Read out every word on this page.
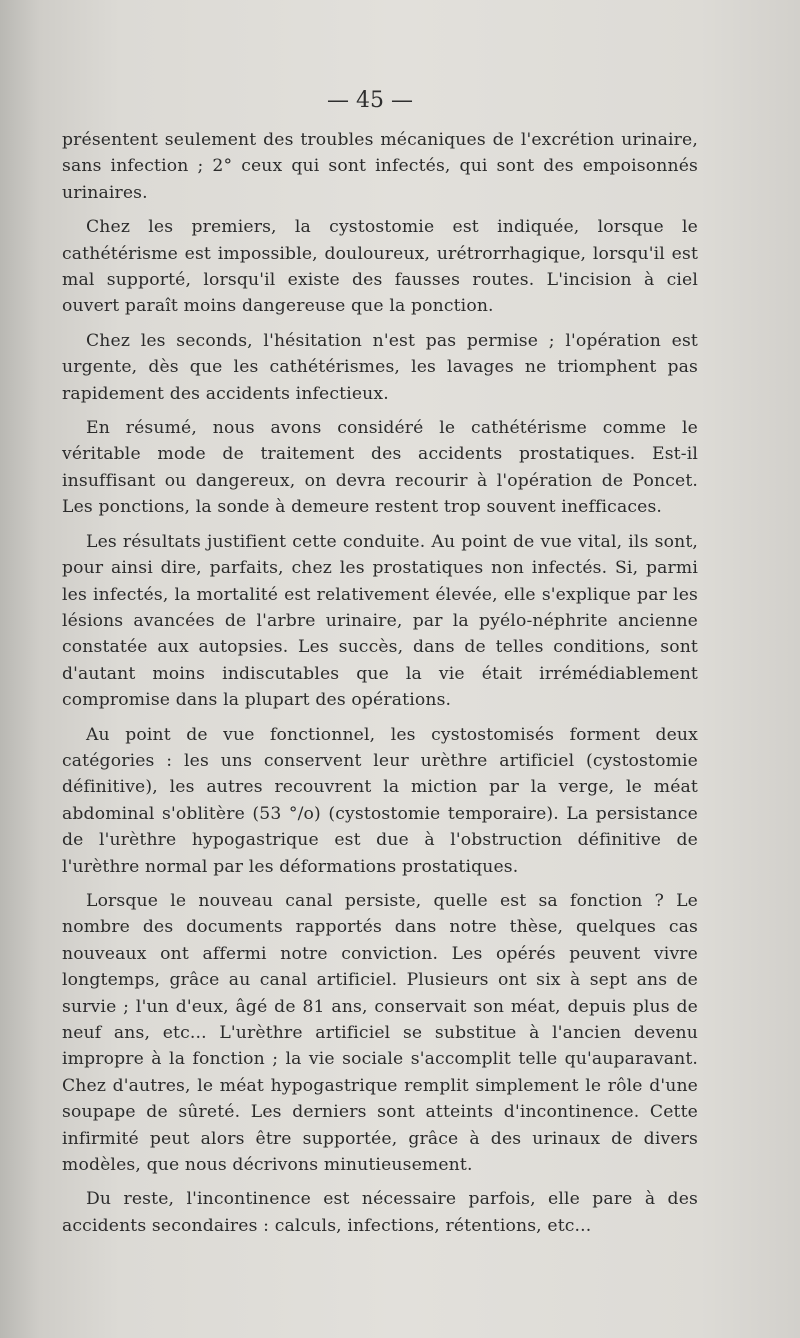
— 45 —

présentent seulement des troubles mécaniques de l'excrétion urinaire, sans infection ; 2° ceux qui sont infectés, qui sont des empoisonnés urinaires.

Chez les premiers, la cystostomie est indiquée, lorsque le cathétérisme est impossible, douloureux, urétrorrhagique, lorsqu'il est mal supporté, lorsqu'il existe des fausses routes. L'incision à ciel ouvert paraît moins dangereuse que la ponction.

Chez les seconds, l'hésitation n'est pas permise ; l'opération est urgente, dès que les cathétérismes, les lavages ne triomphent pas rapidement des accidents infectieux.

En résumé, nous avons considéré le cathétérisme comme le véritable mode de traitement des accidents prostatiques. Est-il insuffisant ou dangereux, on devra recourir à l'opération de Poncet. Les ponctions, la sonde à demeure restent trop souvent inefficaces.

Les résultats justifient cette conduite. Au point de vue vital, ils sont, pour ainsi dire, parfaits, chez les prostatiques non infectés. Si, parmi les infectés, la mortalité est relativement élevée, elle s'explique par les lésions avancées de l'arbre urinaire, par la pyélo-néphrite ancienne constatée aux autopsies. Les succès, dans de telles conditions, sont d'autant moins indiscutables que la vie était irrémédiablement compromise dans la plupart des opérations.

Au point de vue fonctionnel, les cystostomisés forment deux catégories : les uns conservent leur urèthre artificiel (cystostomie définitive), les autres recouvrent la miction par la verge, le méat abdominal s'oblitère (53 °/o) (cystostomie temporaire). La persistance de l'urèthre hypogastrique est due à l'obstruction définitive de l'urèthre normal par les déformations prostatiques.

Lorsque le nouveau canal persiste, quelle est sa fonction ? Le nombre des documents rapportés dans notre thèse, quelques cas nouveaux ont affermi notre conviction. Les opérés peuvent vivre longtemps, grâce au canal artificiel. Plusieurs ont six à sept ans de survie ; l'un d'eux, âgé de 81 ans, conservait son méat, depuis plus de neuf ans, etc... L'urèthre artificiel se substitue à l'ancien devenu impropre à la fonction ; la vie sociale s'accomplit telle qu'auparavant. Chez d'autres, le méat hypogastrique remplit simplement le rôle d'une soupape de sûreté. Les derniers sont atteints d'incontinence. Cette infirmité peut alors être supportée, grâce à des urinaux de divers modèles, que nous décrivons minutieusement.

Du reste, l'incontinence est nécessaire parfois, elle pare à des accidents secondaires : calculs, infections, rétentions, etc...
